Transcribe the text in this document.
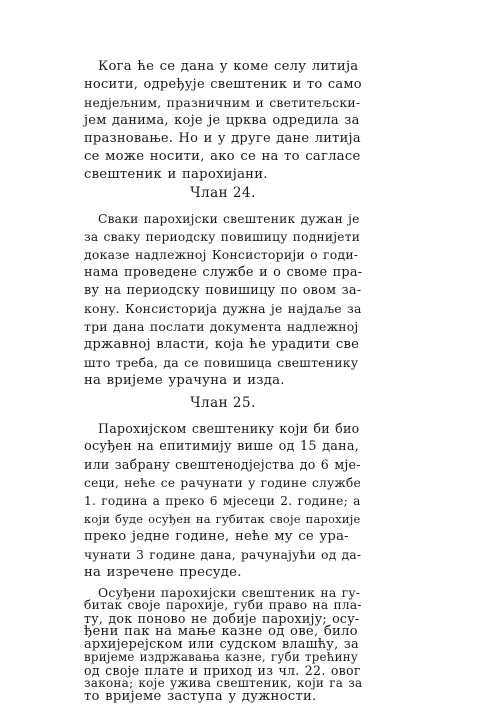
Кога ће се дана у коме селу литија
носити, одређује свештеник и то само
недјељним, празничним и светитељски-
јем данима, које је црква одредила за
празновање. Но и у друге дане литија
се може носити, ако се на то сагласе
свештеник и парохијани.
Члан 24.
Сваки парохијски свештеник дужан је
за сваку периодску повишицу поднијети
доказе надлежној Консисторији о годи-
нама проведене службе и о своме пра-
ву на периодску повишицу по овом за-
кону. Консисторија дужна је најдаље за
три дана послати документа надлежној
државној власти, која ће урадити све
што треба, да се повишица свештенику
на вријеме урачуна и изда.
Члан 25.
Парохијском свештенику који би био
осуђен на епитимију више од 15 дана,
или забрану свештенодјејства до 6 мје-
сеци, неће се рачунати у године службе
1. година а преко 6 мјесеци 2. године; а
који буде осуђен на губитак своје парохије
преко једне године, неће му се ура-
чунати 3 године дана, рачунајући од да-
на изречене пресуде.
Осуђени парохијски свештеник на гу-
битак своје парохије, губи право на пла-
ту, док поново не добије парохију; осу-
ђени пак на мање казне од ове, било
архијерејском или судском влашћу, за
вријеме издржавања казне, губи трећину
од своје плате и приход из чл. 22. овог
закона; које ужива свештеник, који га за
то вријеме заступа у дужности.
